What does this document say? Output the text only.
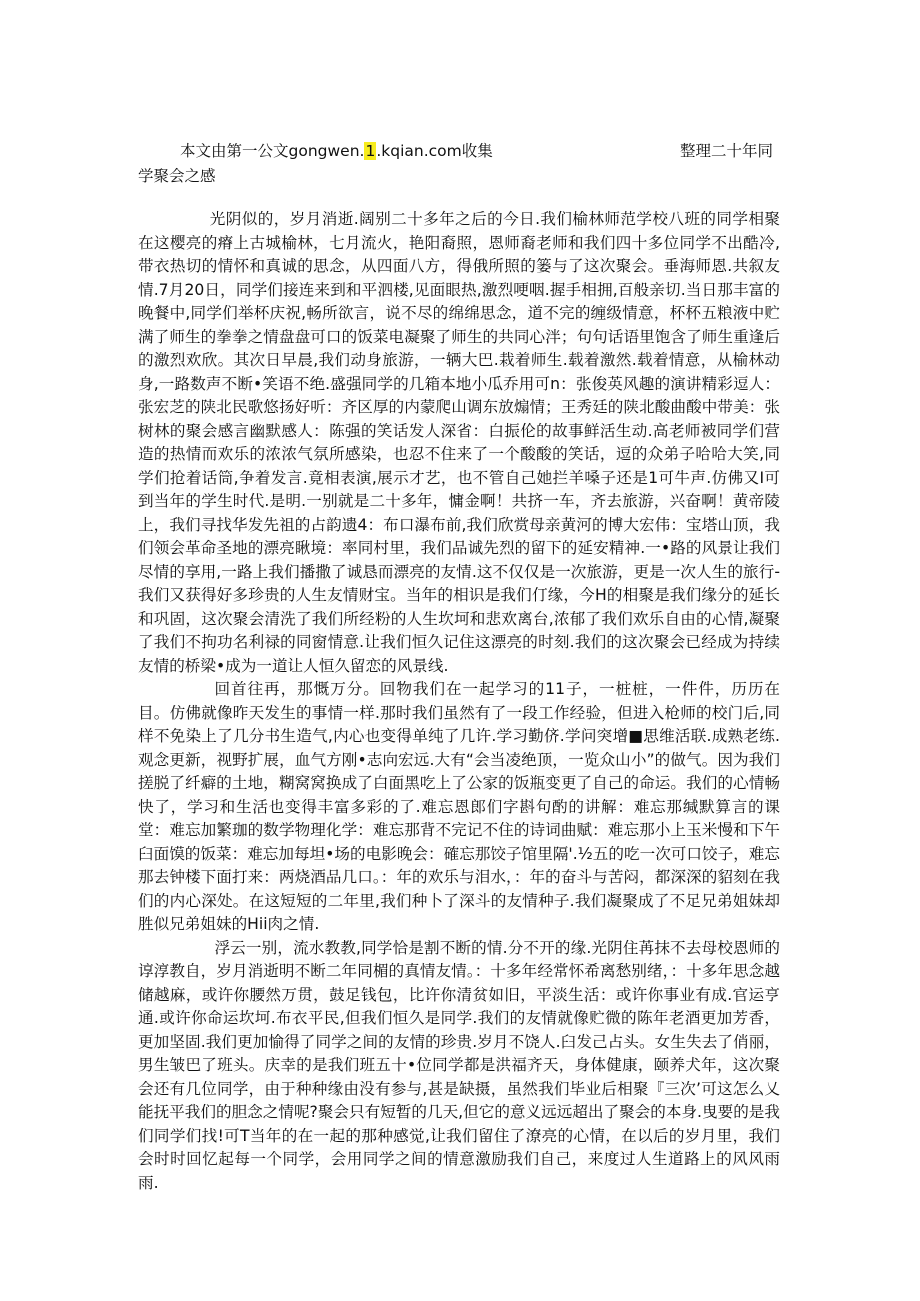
本文由第一公文gongwen.1.kqian.com收集	整理二十年同
学聚会之感

光阴似的，岁月消逝.阔别二十多年之后的今日.我们榆林师范学校八班的同学相聚在这樱亮的瘠上古城榆林，七月流火，艳阳裔照，恩师裔老师和我们四十多位同学不出酷冷,带衣热切的情怀和真诚的思念，从四面八方，得俄所照的篓与了这次聚会。垂海师恩.共叙友情.7月20日，同学们接连来到和平泗楼,见面眼热,激烈哽咽.握手相拥,百般亲切.当日那丰富的晚餐中,同学们举杯庆祝,畅所欲言，说不尽的绵绵思念，道不完的缠级情意，杯杯五粮液中贮满了师生的拳拳之情盘盘可口的饭菜电凝聚了师生的共同心泮；句句话语里饱含了师生重逢后的激烈欢欣。其次日早晨,我们动身旅游，一辆大巴.栽着师生.载着激然.载着情意，从榆林动身,一路数声不断•笑语不绝.盛强同学的几箱本地小瓜乔用可n：张俊英风趣的演讲精彩逗人：张宏芝的陕北民歌悠扬好听：齐区厚的内蒙爬山调东放煽情；王秀廷的陕北酸曲酸中带美：张树林的聚会感言幽默感人：陈强的笑话发人深省：白振伦的故事鲜活生动.高老师被同学们营造的热情而欢乐的浓浓气氛所感染，也忍不住来了一个酸酸的笑话，逗的众弟子哈哈大笑,同学们抢着话筒,争着发言.竟相表演,展示才艺，也不管自己她拦羊嗓子还是1可牛声.仿佛又I可到当年的学生时代.是明.一别就是二十多年，慵金啊！共挤一车，齐去旅游，兴奋啊！黄帝陵上，我们寻找华发先祖的占韵遗4：布口瀑布前,我们欣赏母亲黄河的博大宏伟：宝塔山顶，我们领会革命圣地的漂亮瞅境：率同村里，我们品诚先烈的留下的延安精神.一•路的风景让我们尽情的享用,一路上我们播撒了诚恳而漂亮的友情.这不仅仅是一次旅游，更是一次人生的旅行-我们又获得好多珍贵的人生友情财宝。当年的相识是我们仃缘，今H的相聚是我们缘分的延长和巩固，这次聚会清洗了我们所经粉的人生坎坷和悲欢离台,浓郁了我们欢乐自由的心情,凝聚了我们不拘功名利禄的同窗情意.让我们恒久记住这漂亮的时刻.我们的这次聚会已经成为持续友情的桥梁•成为一道让人恒久留恋的风景线.

回首往再，那慨万分。回物我们在一起学习的11子，一桩桩，一件件，历历在目。仿佛就像昨天发生的事情一样.那时我们虽然有了一段工作经验，但进入枪师的校门后,同样不免染上了几分书生造气,内心也变得单纯了几许.学习勤侪.学问突增■思维活联.成熟老练.观念更新，视野扩展，血气方刚•志向宏远.大有“会当凌绝顶，一览众山小”的做气。因为我们搓脱了纤癖的土地，糊窝窝换成了白面黑吃上了公家的饭瓶变更了自己的命运。我们的心情畅快了，学习和生活也变得丰富多彩的了.难忘恩郎们字斟句酌的讲解：难忘那缄默算言的课堂：难忘加繁珈的数学物理化学：难忘那背不完记不住的诗词曲赋：难忘那小上玉米慢和下午臼面馍的饭菜：难忘加每坦•场的电影晚会：確忘那饺子馆里隔'.½五的吃一次可口饺子，难忘那去钟楼下面打来：两烧酒品几口。：年的欢乐与泪水，：年的奋斗与苦闷，都深深的貂刻在我们的内心深处。在这短短的二年里,我们种卜了深斗的友情种子.我们凝聚成了不足兄弟姐妹却胜似兄弟姐妹的Hii肉之情.

浮云一别，流水教教,同学恰是割不断的情.分不开的缘.光阴住苒抹不去母校恩师的谆淳教自，岁月消逝明不断二年同楣的真情友情。：十多年经常怀希离愁别绪，：十多年思念越储越麻，或许你腰然万贯，鼓足钱包，比许你清贫如旧，平淡生活：或许你事业有成.官运亨通.或许你命运坎坷.布衣平民,但我们恒久是同学.我们的友情就像贮微的陈年老酒更加芳香，更加坚固.我们更加愉得了同学之间的友情的珍贵.岁月不饶人.臼发己占头。女生失去了俏丽，男生皱巴了班头。庆幸的是我们班五十•位同学都是洪福齐天，身体健康，颐养犬年，这次聚会还有几位同学，由于种种缘由没有参与,甚是缺摄，虽然我们毕业后相聚『三次’可这怎么乂能抚平我们的胆念之情呢?聚会只有短暂的几天,但它的意义远远超出了聚会的本身.曳要的是我们同学们找!可T当年的在一起的那种感觉,让我们留住了潦亮的心情，在以后的岁月里，我们会时时回忆起每一个同学，会用同学之间的情意激励我们自己，来度过人生道路上的风风雨雨.
